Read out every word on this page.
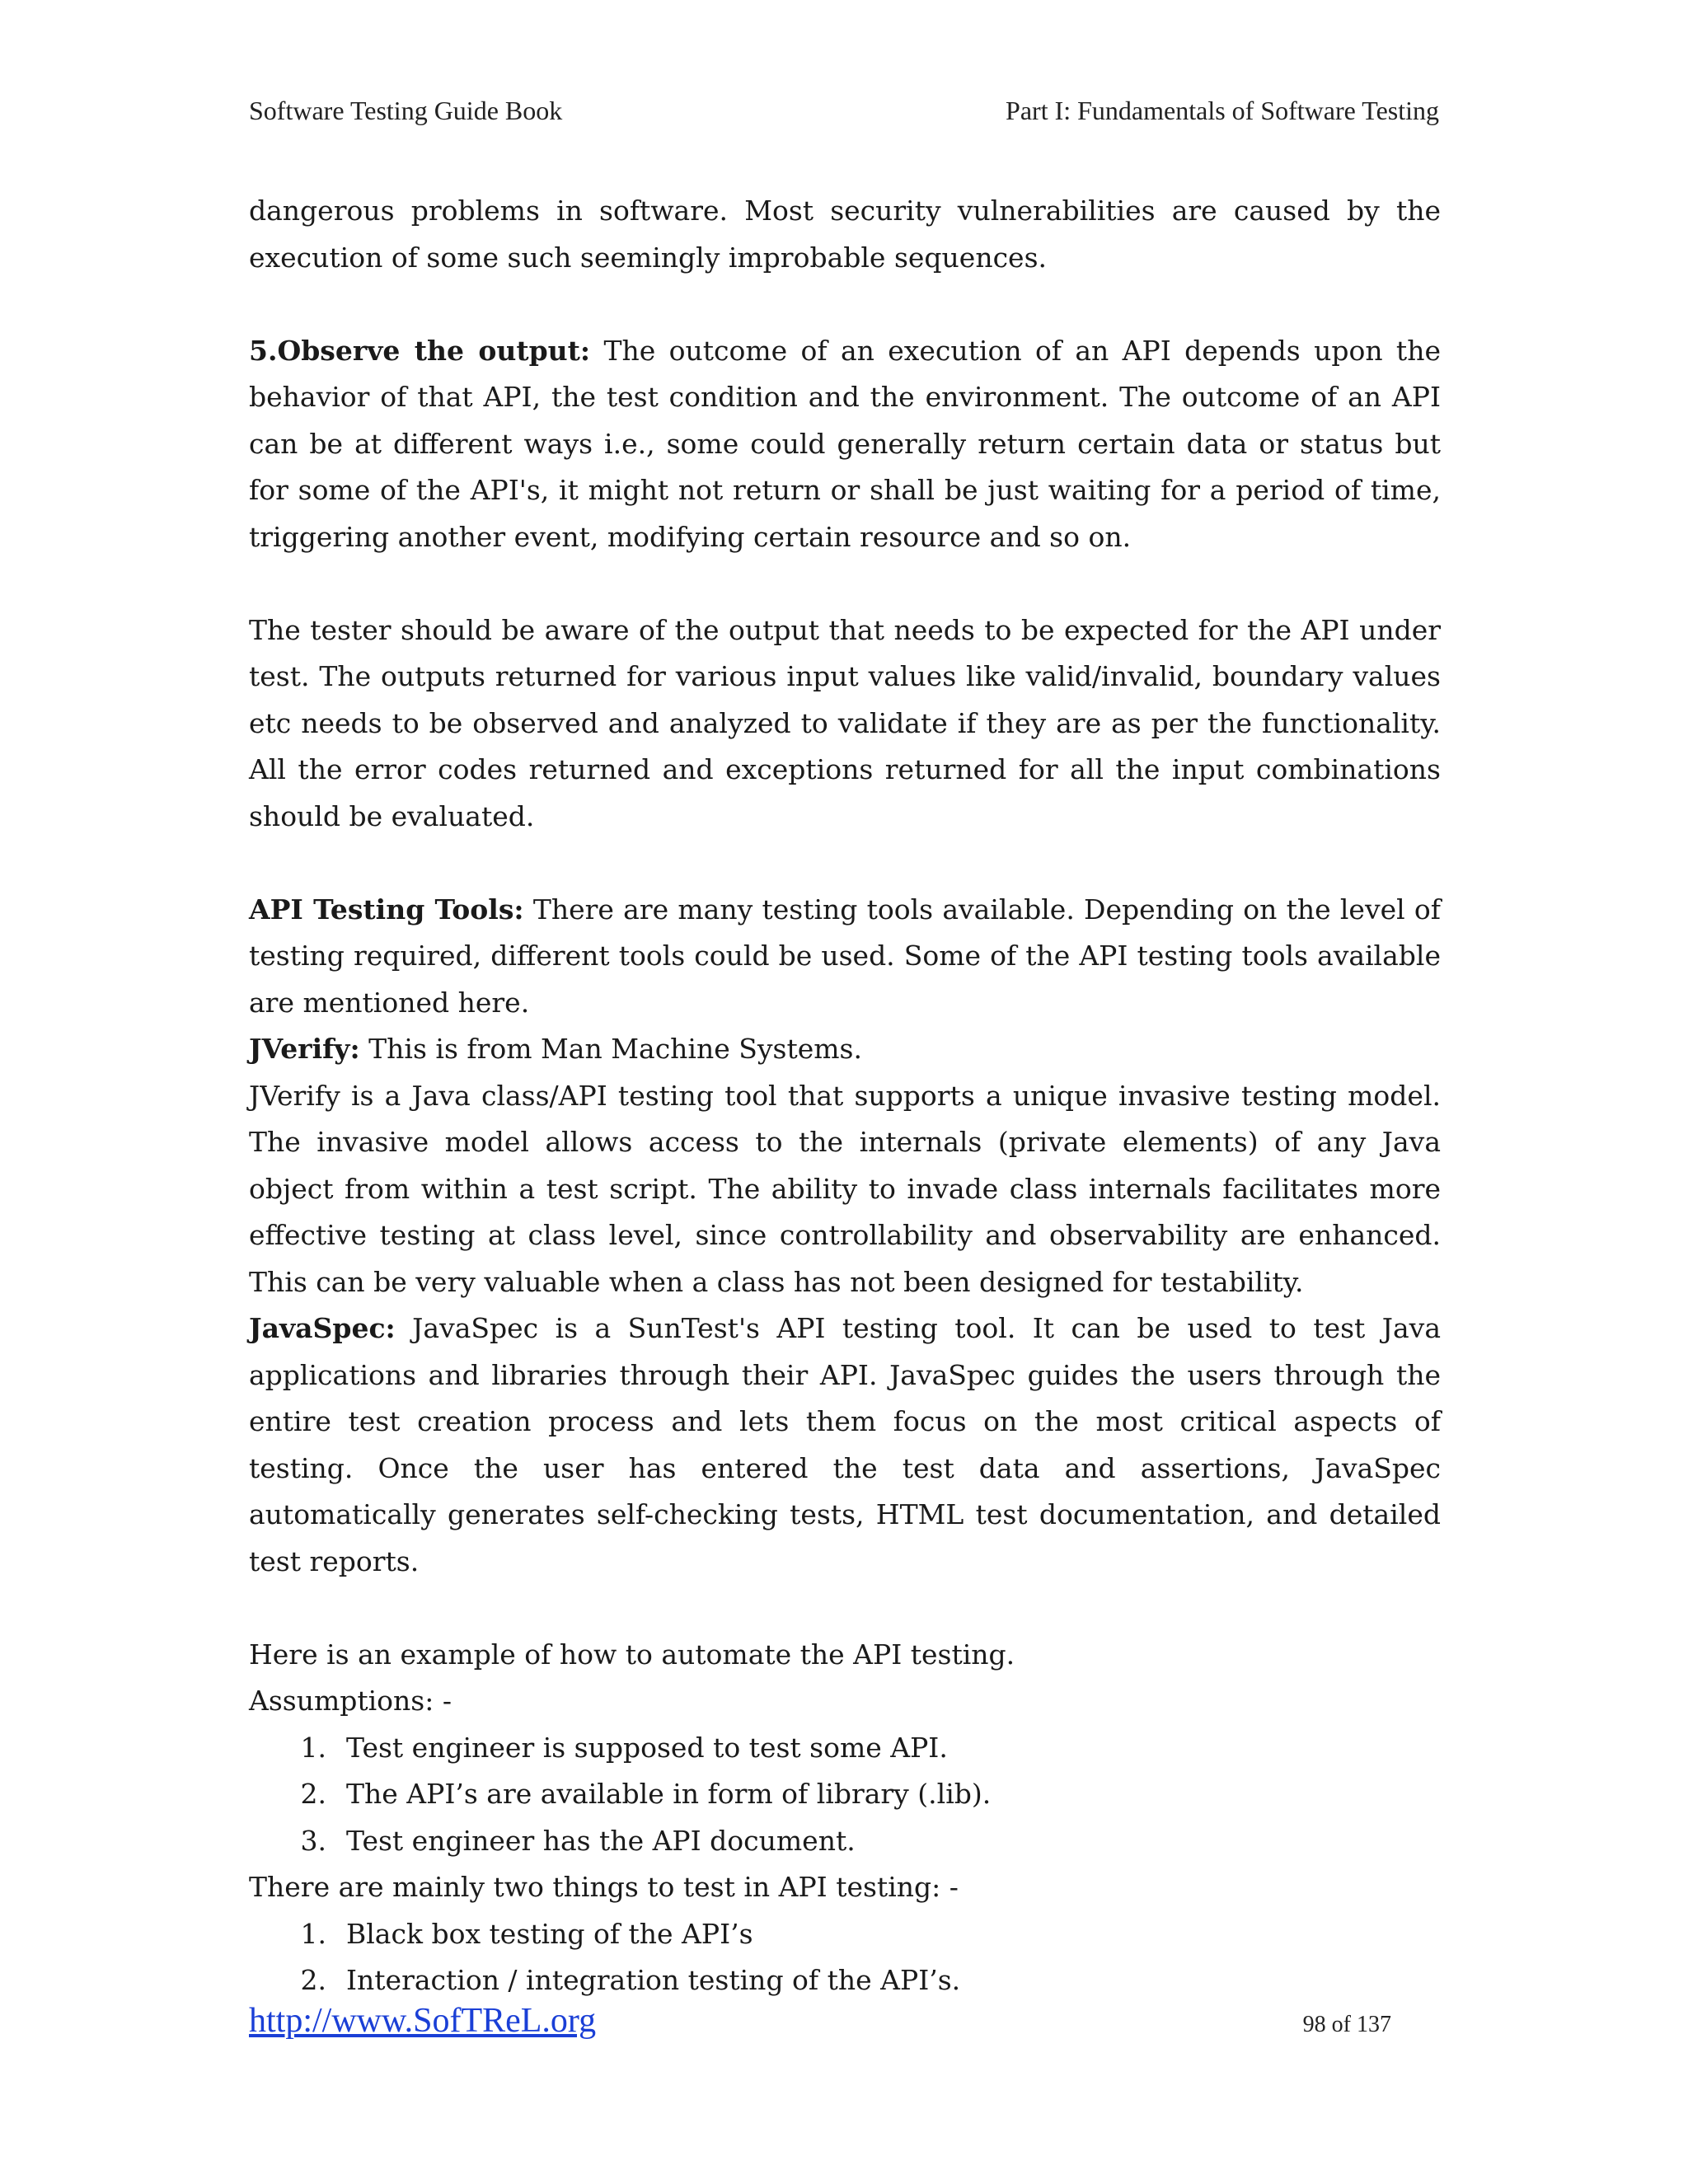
Software Testing Guide Book	Part I: Fundamentals of Software Testing

dangerous problems in software. Most security vulnerabilities are caused by the execution of some such seemingly improbable sequences.

5.Observe the output: The outcome of an execution of an API depends upon the behavior of that API, the test condition and the environment. The outcome of an API can be at different ways i.e., some could generally return certain data or status but for some of the API's, it might not return or shall be just waiting for a period of time, triggering another event, modifying certain resource and so on.

The tester should be aware of the output that needs to be expected for the API under test. The outputs returned for various input values like valid/invalid, boundary values etc needs to be observed and analyzed to validate if they are as per the functionality. All the error codes returned and exceptions returned for all the input combinations should be evaluated.

API Testing Tools: There are many testing tools available. Depending on the level of testing required, different tools could be used. Some of the API testing tools available are mentioned here.

JVerify: This is from Man Machine Systems.

JVerify is a Java class/API testing tool that supports a unique invasive testing model. The invasive model allows access to the internals (private elements) of any Java object from within a test script. The ability to invade class internals facilitates more effective testing at class level, since controllability and observability are enhanced. This can be very valuable when a class has not been designed for testability.

JavaSpec: JavaSpec is a SunTest's API testing tool. It can be used to test Java applications and libraries through their API. JavaSpec guides the users through the entire test creation process and lets them focus on the most critical aspects of testing. Once the user has entered the test data and assertions, JavaSpec automatically generates self-checking tests, HTML test documentation, and detailed test reports.

Here is an example of how to automate the API testing.

Assumptions: -

1. Test engineer is supposed to test some API.
2. The API’s are available in form of library (.lib).
3. Test engineer has the API document.

There are mainly two things to test in API testing: -

1. Black box testing of the API’s
2. Interaction / integration testing of the API’s.
http://www.SofTReL.org	98 of 137
